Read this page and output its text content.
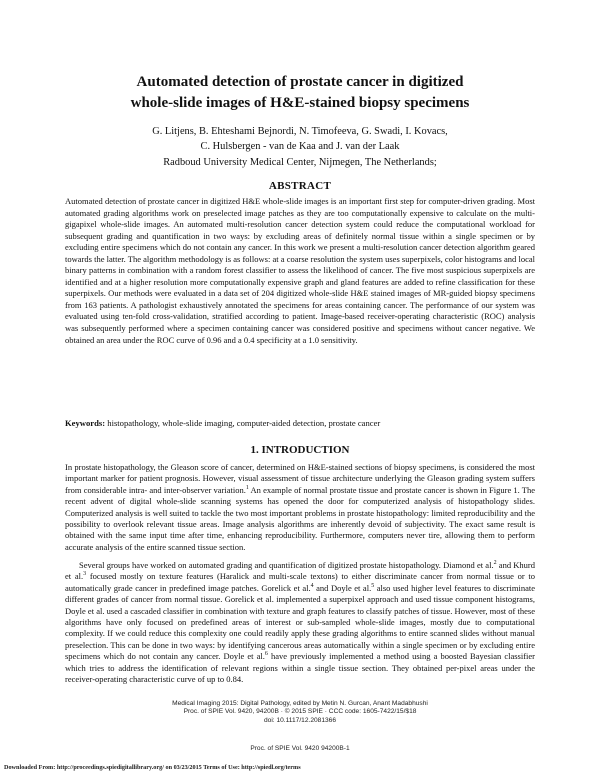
Automated detection of prostate cancer in digitized
whole-slide images of H&E-stained biopsy specimens
G. Litjens, B. Ehteshami Bejnordi, N. Timofeeva, G. Swadi, I. Kovacs,
C. Hulsbergen - van de Kaa and J. van der Laak
Radboud University Medical Center, Nijmegen, The Netherlands;
ABSTRACT
Automated detection of prostate cancer in digitized H&E whole-slide images is an important first step for computer-driven grading. Most automated grading algorithms work on preselected image patches as they are too computationally expensive to calculate on the multi-gigapixel whole-slide images. An automated multi-resolution cancer detection system could reduce the computational workload for subsequent grading and quantification in two ways: by excluding areas of definitely normal tissue within a single specimen or by excluding entire specimens which do not contain any cancer. In this work we present a multi-resolution cancer detection algorithm geared towards the latter. The algorithm methodology is as follows: at a coarse resolution the system uses superpixels, color histograms and local binary patterns in combination with a random forest classifier to assess the likelihood of cancer. The five most suspicious superpixels are identified and at a higher resolution more computationally expensive graph and gland features are added to refine classification for these superpixels. Our methods were evaluated in a data set of 204 digitized whole-slide H&E stained images of MR-guided biopsy specimens from 163 patients. A pathologist exhaustively annotated the specimens for areas containing cancer. The performance of our system was evaluated using ten-fold cross-validation, stratified according to patient. Image-based receiver-operating characteristic (ROC) analysis was subsequently performed where a specimen containing cancer was considered positive and specimens without cancer negative. We obtained an area under the ROC curve of 0.96 and a 0.4 specificity at a 1.0 sensitivity.
Keywords: histopathology, whole-slide imaging, computer-aided detection, prostate cancer
1. INTRODUCTION
In prostate histopathology, the Gleason score of cancer, determined on H&E-stained sections of biopsy specimens, is considered the most important marker for patient prognosis. However, visual assessment of tissue architecture underlying the Gleason grading system suffers from considerable intra- and inter-observer variation.$^1$ An example of normal prostate tissue and prostate cancer is shown in Figure 1. The recent advent of digital whole-slide scanning systems has opened the door for computerized analysis of histopathology slides. Computerized analysis is well suited to tackle the two most important problems in prostate histopathology: limited reproducibility and the possibility to overlook relevant tissue areas. Image analysis algorithms are inherently devoid of subjectivity. The exact same result is obtained with the same input time after time, enhancing reproducibility. Furthermore, computers never tire, allowing them to perform accurate analysis of the entire scanned tissue section.
Several groups have worked on automated grading and quantification of digitized prostate histopathology. Diamond et al.$^2$ and Khurd et al.$^3$ focused mostly on texture features (Haralick and multi-scale textons) to either discriminate cancer from normal tissue or to automatically grade cancer in predefined image patches. Gorelick et al.$^4$ and Doyle et al.$^5$ also used higher level features to discriminate different grades of cancer from normal tissue. Gorelick et al. implemented a superpixel approach and used tissue component histograms, Doyle et al. used a cascaded classifier in combination with texture and graph features to classify patches of tissue. However, most of these algorithms have only focused on predefined areas of interest or sub-sampled whole-slide images, mostly due to computational complexity. If we could reduce this complexity one could readily apply these grading algorithms to entire scanned slides without manual preselection. This can be done in two ways: by identifying cancerous areas automatically within a single specimen or by excluding entire specimens which do not contain any cancer. Doyle et al.$^6$ have previously implemented a method using a boosted Bayesian classifier which tries to address the identification of relevant regions within a single tissue section. They obtained per-pixel areas under the receiver-operating characteristic curve of up to 0.84.
Medical Imaging 2015: Digital Pathology, edited by Metin N. Gurcan, Anant Madabhushi
Proc. of SPIE Vol. 9420, 94200B · © 2015 SPIE · CCC code: 1605-7422/15/$18
doi: 10.1117/12.2081366
Proc. of SPIE Vol. 9420 94200B-1
Downloaded From: http://proceedings.spiedigitallibrary.org/ on 03/23/2015 Terms of Use: http://spiedl.org/terms
